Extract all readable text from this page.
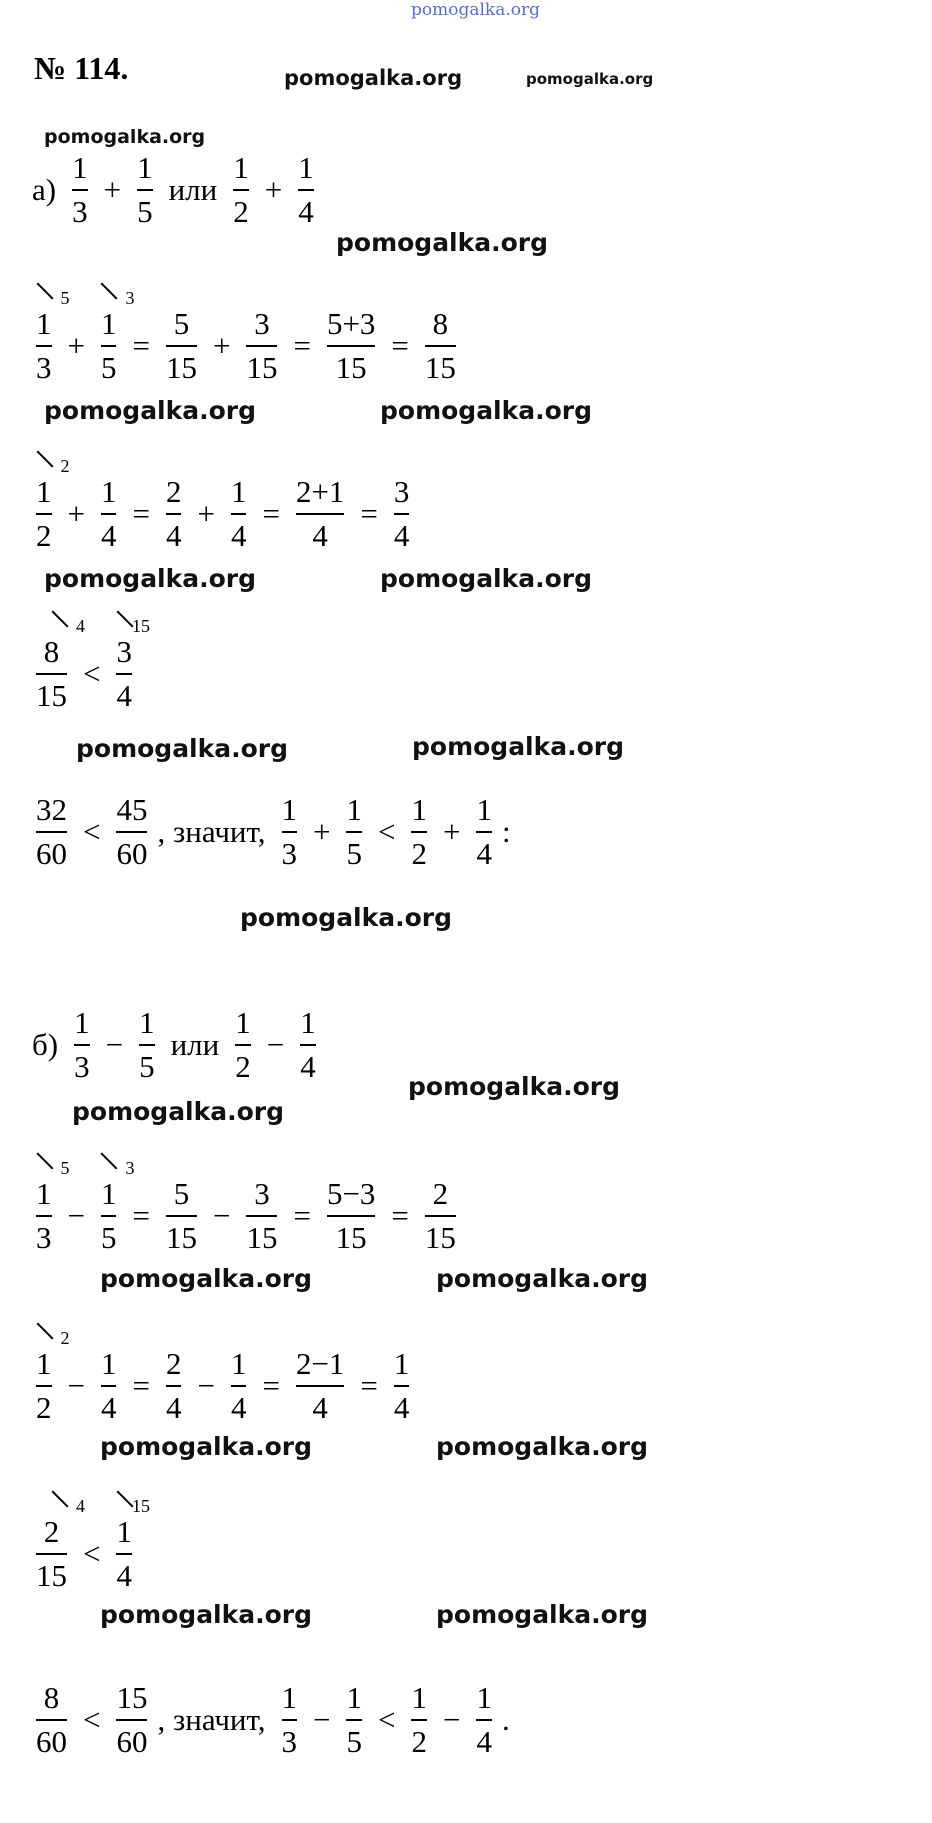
pomogalka.org
№ 114.	pomogalka.org	pomogalka.org
pomogalka.org
pomogalka.org
pomogalka.org	pomogalka.org
pomogalka.org	pomogalka.org
pomogalka.org	pomogalka.org
pomogalka.org
pomogalka.org
pomogalka.org
pomogalka.org	pomogalka.org
pomogalka.org	pomogalka.org
pomogalka.org	pomogalka.org
$а) \frac{1}{3} + \frac{1}{5}$ или $\frac{1}{2} + \frac{1}{4}$
1
3
5
+
1
5
3
= $\frac{5}{15} + \frac{3}{15} = \frac{5+3}{15} = \frac{8}{15}$
1
2
2
+ $\frac{1}{4} = \frac{2}{4} + \frac{1}{4} = \frac{2+1}{4} = \frac{3}{4}$
8
15
4
<
3
4
15
$\frac{32}{60} < \frac{45}{60}$ , значит, $\frac{1}{3} + \frac{1}{5} < \frac{1}{2} + \frac{1}{4}$ :
$б) \frac{1}{3} - \frac{1}{5}$ или $\frac{1}{2} - \frac{1}{4}$
1
3
5
−
1
5
3
= $\frac{5}{15} - \frac{3}{15} = \frac{5-3}{15} = \frac{2}{15}$
1
2
2
− $\frac{1}{4} = \frac{2}{4} - \frac{1}{4} = \frac{2-1}{4} = \frac{1}{4}$
2
15
4
<
1
4
15
$\frac{8}{60} < \frac{15}{60}$ , значит, $\frac{1}{3} - \frac{1}{5} < \frac{1}{2} - \frac{1}{4}$ .
